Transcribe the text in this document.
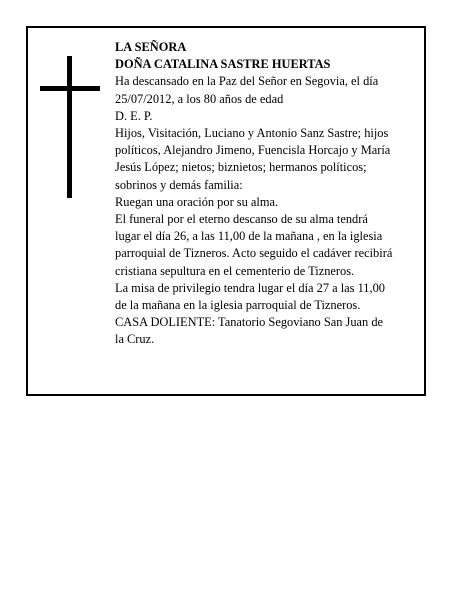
LA SEÑORA
DOÑA CATALINA SASTRE HUERTAS
Ha descansado en la Paz del Señor en Segovia, el día
25/07/2012, a los 80 años de edad
D. E. P.
Hijos, Visitación, Luciano y Antonio Sanz Sastre; hijos
políticos, Alejandro Jimeno, Fuencisla Horcajo y María
Jesús López; nietos; biznietos; hermanos políticos;
sobrinos y demás familia:
Ruegan una oración por su alma.
El funeral por el eterno descanso de su alma tendrá
lugar el día 26, a las 11,00 de la mañana , en la iglesia
parroquial de Tizneros. Acto seguido el cadáver recibirá
cristiana sepultura en el cementerio de Tizneros.
La misa de privilegio tendra lugar el día 27 a las 11,00
de la mañana en la iglesia parroquial de Tizneros.
CASA DOLIENTE: Tanatorio Segoviano San Juan de
la Cruz.
